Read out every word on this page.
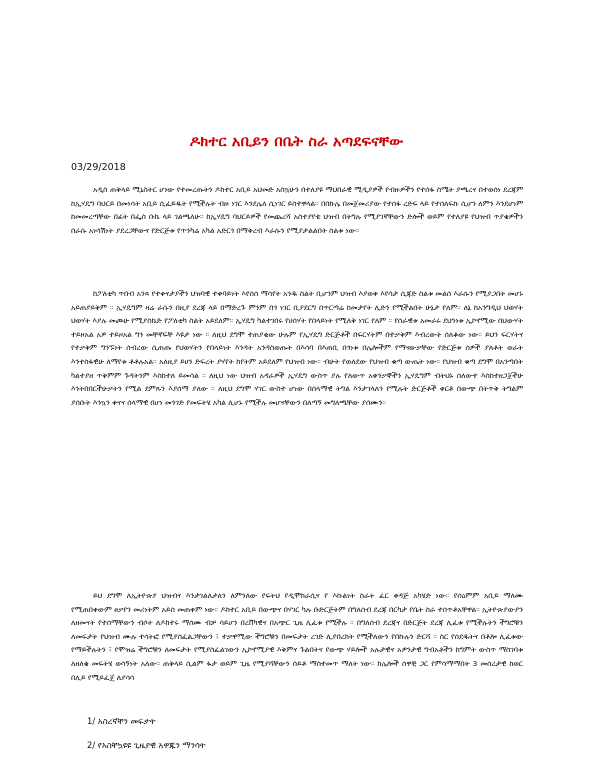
ዶክተር አቢይን በቤት ስራ አጣደፍናቸው
03/29/2018

አዲስ ጠቅላይ ሚኒስትር ሆነው የተመረጡትን ዶክተር አቢይ አህመድ አስኳሁን በተለያዩ ማህበራዊ ሚዲያዎች የብዙዎችን የተሰፋ ስሜት ያጫረና በተወሰነ ደረጃም ከኢሃዴግ ባህርይ በመነሳት አቢይ ሲፈይዱት የሚችሉት ብዙ ነገር እንደሌለ ሲነገር ይስተዋላል። በበኩሌ በመጀመሪያው የተሰፋ ረድፍ ላይ የተሰለፍኩ ሲሆን ለምን እንደሆነም ከመመረጣቸው በፊት በፌስ ቡኬ ላይ ገልጫለሁ። ከኢሃዴግ ባህርይዎች የመጨረሻ አስተያየቴ ህዝብ በትግሉ የሚያገኛቸውን ድሎች ወይም የተለያዩ የህዝብ ጥያቄዎችን በራሱ አነሳሽነት ያደረጋቸውና የድርጅቱ የጥንካሬ አካል አድርጎ በማቅረብ እራሱን የሚያታልልበት ስልቱ ነው።

ከፖለቲካ ጥበብ አንጻ የተቀናታያችን ህዝባዊ ተቀባይነት እየሰሰ ማሳየት አንዱ ስልት ቢሆንም ህዝብ እያወቀ እየሳታ ሲጃድ ስልቱ መልሰ እራሱን የሚያጋበት መሆኑ አይጠያይቅም ። ኢሃዴግም ዛሬ ራሱን በዚያ ደረጃ ላይ በማድረጉ ምንም በጎ ነገር ቢያደርግ በጥርጣሬ ከመታየት ሊድን የሚችልበት ሁኔታ የለም። ለኔ ከአንግዲህ ህወሃት ህወሃት እያሉ መጮሁ የሚያስኬድ የፖለቲካ ስልት አይደለም። ኢሃዴግ ካልተገበሩ የሀሰሃት የበላይነት የሚለቅ ነገር የለም ። የሰራዊቱ አመራሩ ደህንነቱ ኢኮኖሚው በህውሃት ተይዞአል አዎ ተይዞአል ግን መቸኛፍቸ እዩታ ነው ። ለዚህ ደግሞ ተጠያቂው ሁሉም የኢሃዴግ ድርጅቶች በፍርሃትም በተቃቅም እብረውት ሰለቆው ነው። ይህን ፍርሃትና የተቃቅም ግንኙነት ሰብረው ሲጠጡ የህወሃትን የበላይነት እንዳት አንዳስወጡት በእሳባ በእጠቢ በጎነቱ በሌሎችም የማናውቃቸው የድርጅቱ ሰዎች ያለቶት ወራት እንተስፋዊሁ ለማየቱ ቶቶሉአል። አለዚያ ይሀን ድፍረት ያሃየት ከየትም አይደለም የህዝብ ነው። ብሁት የወለደው የህዝብ ቁጣ ውጤት ነው። የህዝብ ቁጣ ደግሞ በአንጣበት ካልተያዘ ጥቅምም ጉዳትንም እስከተለ ይመሳል ። ለዚህ ነው ህዝብ አዳራዎች ኢሃዴግ ውስጥ ያሉ የለውጥ አቀንቃኞችን ኢሃዴግም ብትህኑ ሰለውተ እስከተዘጋጀችሁ እንትበበርችሁቃትን የሚል ደምጹን እያሰማ ያለው ። ለዚህ ደግሞ ሃገር ውስተ ሆነው በሰላማዊ ትግል እንታገላለን የሚሉት ድርጅቶች ቀርቶ በውጭ በትጥቅ ትግልም ያሰቡት እንኳን ቀናና ሰላማዊ በሆነ መንገድ የመፍትሄ አካል ሊሆኑ የሚችሉ መሆናቸውን በለጣኝ መግለጫቸው ያሰሙን።

ይህ ደግሞ ለኢትዮጵያ ህዝብና እንታገልለታለን ለምንለው የፍትህ የዲሞክራሲና የ እኩልነት ስራት ፈር ቀዳጅ አካሄድ ነው። የሰዕምም አቢይ ማለሙ የሚጠበቀውም ፀቃየን መሪነትም አይሰ መጠቀም ነው። ዶክተር አቢይ በውጭና በሃገር ካሉ ቡድርጅትም በግለሰብ ደረጃ በርካታ የቤት ስራ ተሰጥቶአቸዋል። ኢትዮጵያውያን ለዘመናት የተሰማቸውን ብሶት ለዶክተሩ ማሰሙ ብቻ ሳይሆን በረቨካዊና በአጭር ጊዜ ሊፈቱ የሚችሉ ። በግለሰብ ደረጃና በድርጅት ደረጃ ሊፈቱ የሚችሉትን ችግሮቹን ለመፍታት የህዝብ ሙሉ ተሳትፎ የሚያስፈልጋቸውን ፣ ተቃዋሚው ችግሮቹን በመፍታት ረገድ ሊያበረክት የሚችለውን የበኩሉን ድርሻ ። ስር የሰደዱትና በቶሎ ሊፈቱው የማይችሉትን ፣ የሞዝሬ ችግሮቹን ለመፍታት የሚያስፈልገውን ኢኮኖሚያዊ እቅምና ጉልበትና የውጭ ሃይሎች አሉታዊና አዎንታዊ ግብአቶችን ከግምት ውስጥ ማስገባቱ ለዘለቄ መፍትሄ ወሳኝነት አለው። ጠቅላይ ሲልም ፋታ ወይም ጊዜ የሚያሻቸውን ሰይቶ ማስተመጥ ማለት ነው። ከሌሎች ሰዋቺ ጋር የምሳማማበት 3 መሰረታዊ ከወር በሊይ የሚይፈጄ ለያሳሳ

1/ አስረኛቸን መፍታት
2/ የአስቸኳዩዩ ጊዜያዊ አዋጁን ማንሳት
